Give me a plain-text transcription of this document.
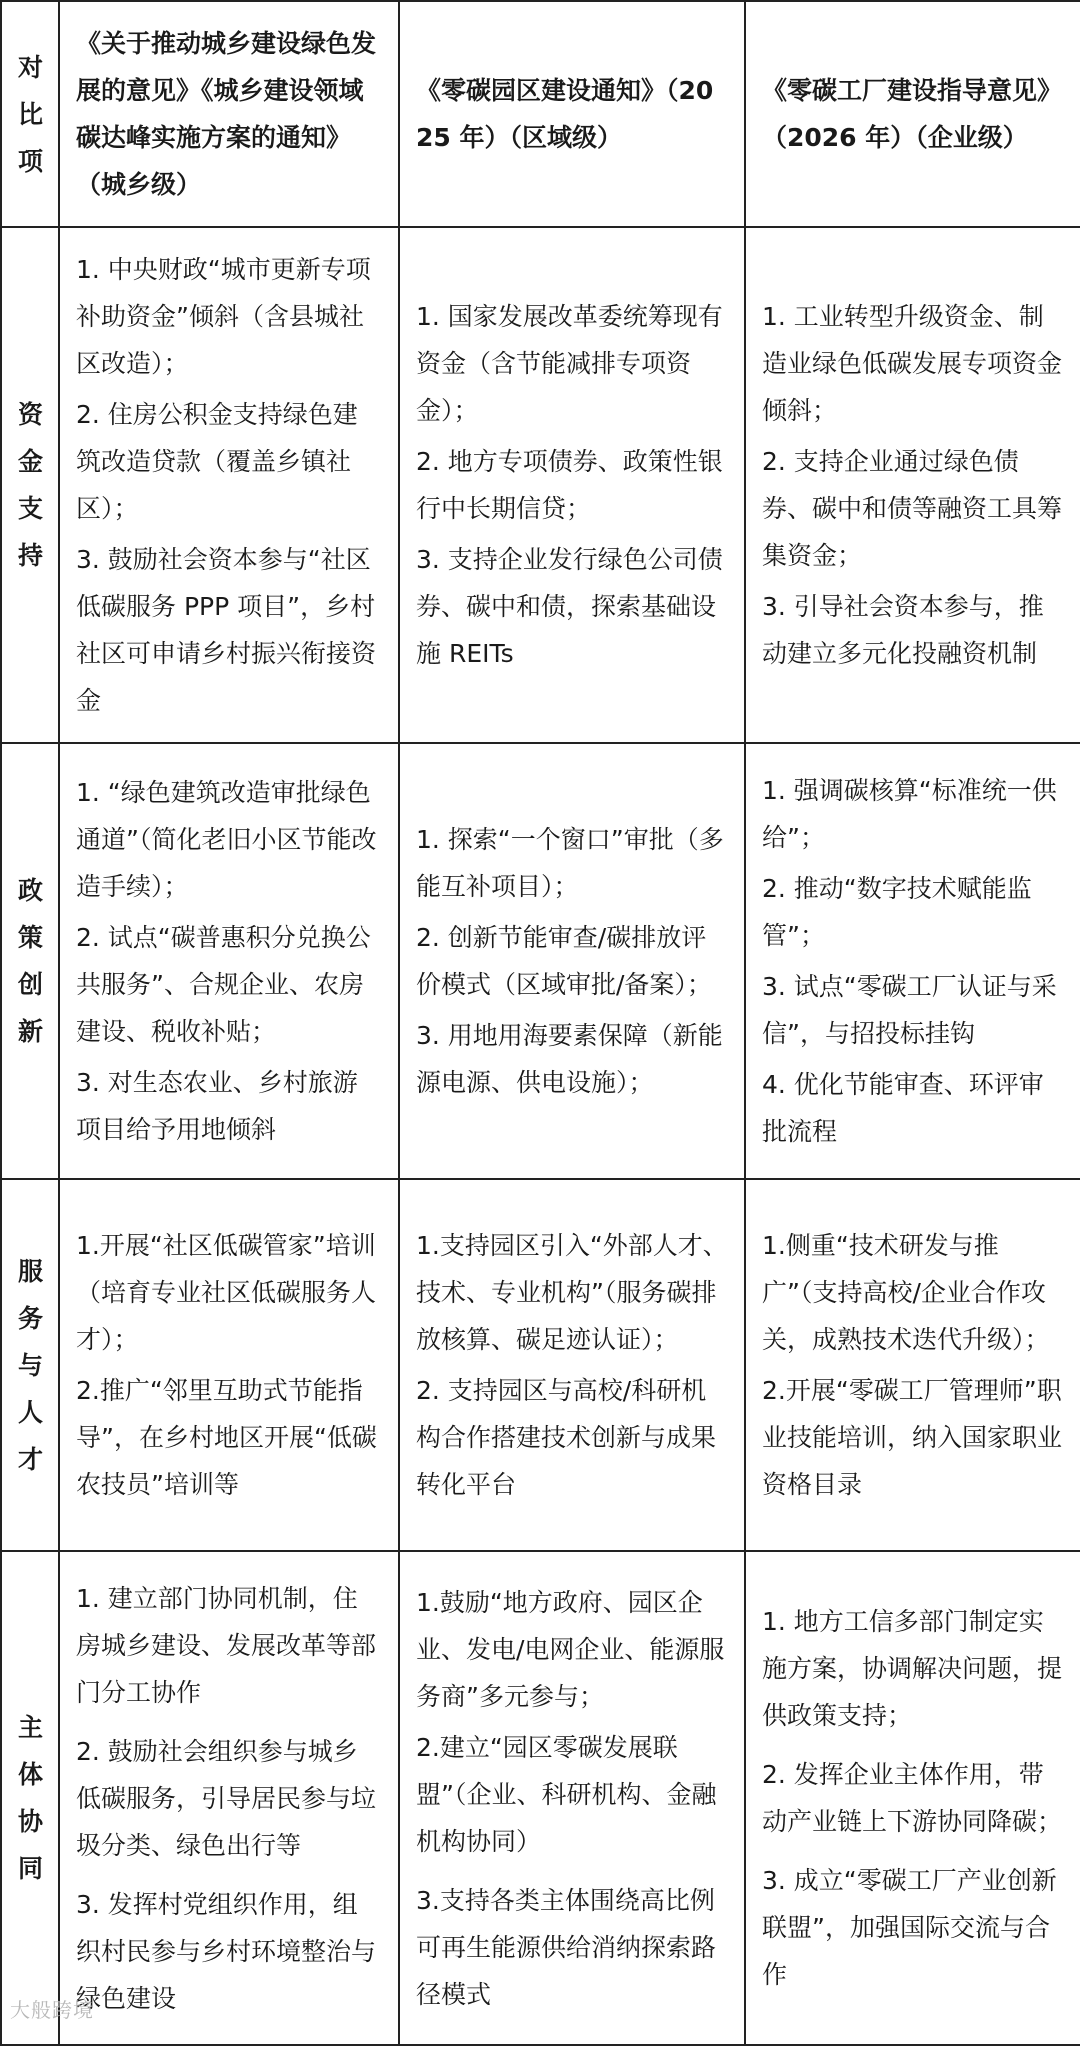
对
比
项	《关于推动城乡建设绿色发展的意见》《城乡建设领域碳达峰实施方案的通知》（城乡级）	《零碳园区建设通知》（2025 年）（区域级）	《零碳工厂建设指导意见》（2026 年）（企业级）

资
金
支
持	1. 中央财政“城市更新专项补助资金”倾斜（含县城社区改造）；
2. 住房公积金支持绿色建筑改造贷款（覆盖乡镇社区）；
3. 鼓励社会资本参与“社区低碳服务 PPP 项目”，乡村社区可申请乡村振兴衔接资金	1. 国家发展改革委统筹现有资金（含节能减排专项资金）；
2. 地方专项债券、政策性银行中长期信贷；
3. 支持企业发行绿色公司债券、碳中和债，探索基础设施 REITs	1. 工业转型升级资金、制造业绿色低碳发展专项资金倾斜；
2. 支持企业通过绿色债券、碳中和债等融资工具筹集资金；
3. 引导社会资本参与，推动建立多元化投融资机制

政
策
创
新	1. “绿色建筑改造审批绿色通道”（简化老旧小区节能改造手续）；
2. 试点“碳普惠积分兑换公共服务”、合规企业、农房建设、税收补贴；
3. 对生态农业、乡村旅游项目给予用地倾斜	1. 探索“一个窗口”审批（多能互补项目）；
2. 创新节能审查/碳排放评价模式（区域审批/备案）；
3. 用地用海要素保障（新能源电源、供电设施）；	1. 强调碳核算“标准统一供给”；
2. 推动“数字技术赋能监管”；
3. 试点“零碳工厂认证与采信”，与招投标挂钩
4. 优化节能审查、环评审批流程

服
务
与
人
才	1.开展“社区低碳管家”培训（培育专业社区低碳服务人才）；
2.推广“邻里互助式节能指导”，在乡村地区开展“低碳农技员”培训等	1.支持园区引入“外部人才、技术、专业机构”（服务碳排放核算、碳足迹认证）；
2. 支持园区与高校/科研机构合作搭建技术创新与成果转化平台	1.侧重“技术研发与推广”（支持高校/企业合作攻关，成熟技术迭代升级）；
2.开展“零碳工厂管理师”职业技能培训，纳入国家职业资格目录

主
体
协
同	1. 建立部门协同机制，住房城乡建设、发展改革等部门分工协作
2. 鼓励社会组织参与城乡低碳服务，引导居民参与垃圾分类、绿色出行等
3. 发挥村党组织作用，组织村民参与乡村环境整治与绿色建设	1.鼓励“地方政府、园区企业、发电/电网企业、能源服务商”多元参与；
2.建立“园区零碳发展联盟”（企业、科研机构、金融机构协同）
3.支持各类主体围绕高比例可再生能源供给消纳探索路径模式	1. 地方工信多部门制定实施方案，协调解决问题，提供政策支持；
2. 发挥企业主体作用，带动产业链上下游协同降碳；
3. 成立“零碳工厂产业创新联盟”，加强国际交流与合作
大般跨境
